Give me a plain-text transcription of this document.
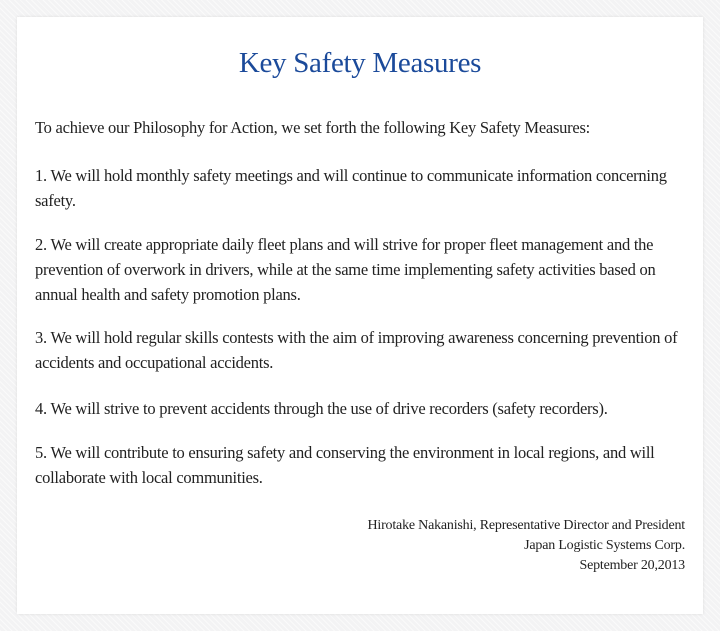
Key Safety Measures

To achieve our Philosophy for Action, we set forth the following Key Safety Measures:

1. We will hold monthly safety meetings and will continue to communicate information concerning safety.

2. We will create appropriate daily fleet plans and will strive for proper fleet management and the prevention of overwork in drivers, while at the same time implementing safety activities based on annual health and safety promotion plans.

3. We will hold regular skills contests with the aim of improving awareness concerning prevention of accidents and occupational accidents.

4. We will strive to prevent accidents through the use of drive recorders (safety recorders).

5. We will contribute to ensuring safety and conserving the environment in local regions, and will collaborate with local communities.

Hirotake Nakanishi, Representative Director and President
Japan Logistic Systems Corp.
September 20,2013
